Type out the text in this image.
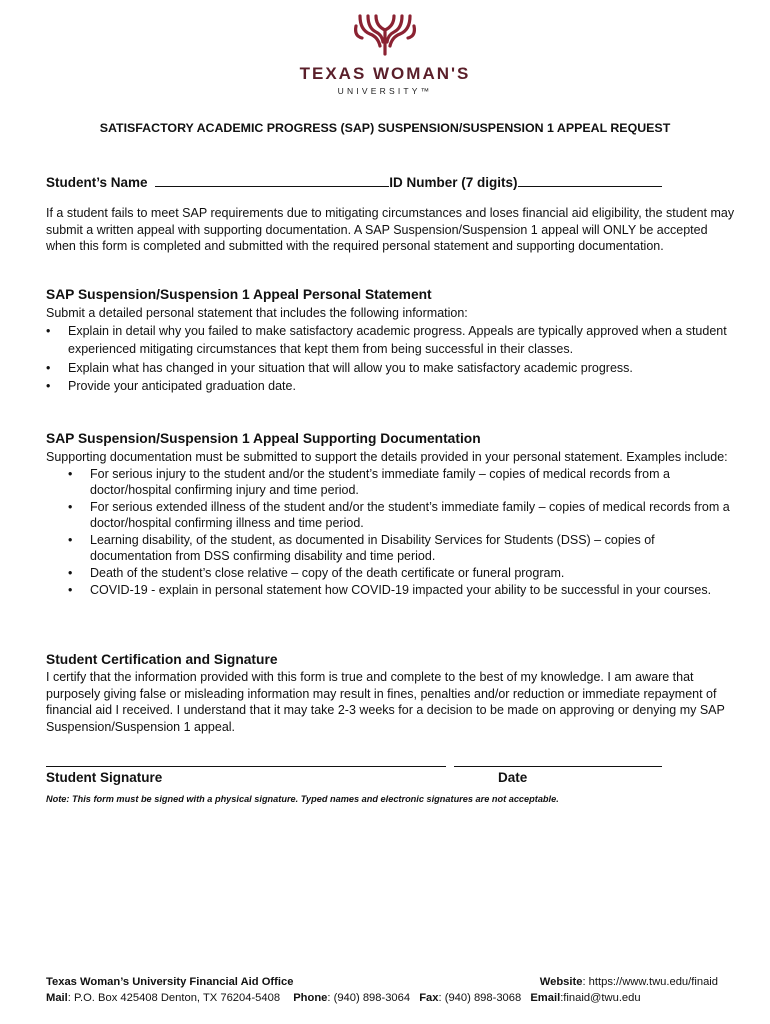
TEXAS WOMAN'S
UNIVERSITY™
SATISFACTORY ACADEMIC PROGRESS (SAP) SUSPENSION/SUSPENSION 1 APPEAL REQUEST
Student’s Name	ID Number (7 digits)
If a student fails to meet SAP requirements due to mitigating circumstances and loses financial aid eligibility, the student may submit a written appeal with supporting documentation. A SAP Suspension/Suspension 1 appeal will ONLY be accepted when this form is completed and submitted with the required personal statement and supporting documentation.
SAP Suspension/Suspension 1 Appeal Personal Statement
Submit a detailed personal statement that includes the following information:
• Explain in detail why you failed to make satisfactory academic progress. Appeals are typically approved when a student experienced mitigating circumstances that kept them from being successful in their classes.
• Explain what has changed in your situation that will allow you to make satisfactory academic progress.
• Provide your anticipated graduation date.
SAP Suspension/Suspension 1 Appeal Supporting Documentation
Supporting documentation must be submitted to support the details provided in your personal statement. Examples include:
• For serious injury to the student and/or the student’s immediate family – copies of medical records from a doctor/hospital confirming injury and time period.
• For serious extended illness of the student and/or the student’s immediate family – copies of medical records from a doctor/hospital confirming illness and time period.
• Learning disability, of the student, as documented in Disability Services for Students (DSS) – copies of documentation from DSS confirming disability and time period.
• Death of the student’s close relative – copy of the death certificate or funeral program.
• COVID-19 - explain in personal statement how COVID-19 impacted your ability to be successful in your courses.
Student Certification and Signature
I certify that the information provided with this form is true and complete to the best of my knowledge. I am aware that purposely giving false or misleading information may result in fines, penalties and/or reduction or immediate repayment of financial aid I received. I understand that it may take 2-3 weeks for a decision to be made on approving or denying my SAP Suspension/Suspension 1 appeal.
Student Signature	Date
Note: This form must be signed with a physical signature. Typed names and electronic signatures are not acceptable.
Texas Woman’s University Financial Aid Office	Website: https://www.twu.edu/finaid
Mail: P.O. Box 425408 Denton, TX 76204-5408 Phone: (940) 898-3064 Fax: (940) 898-3068 Email:finaid@twu.edu
